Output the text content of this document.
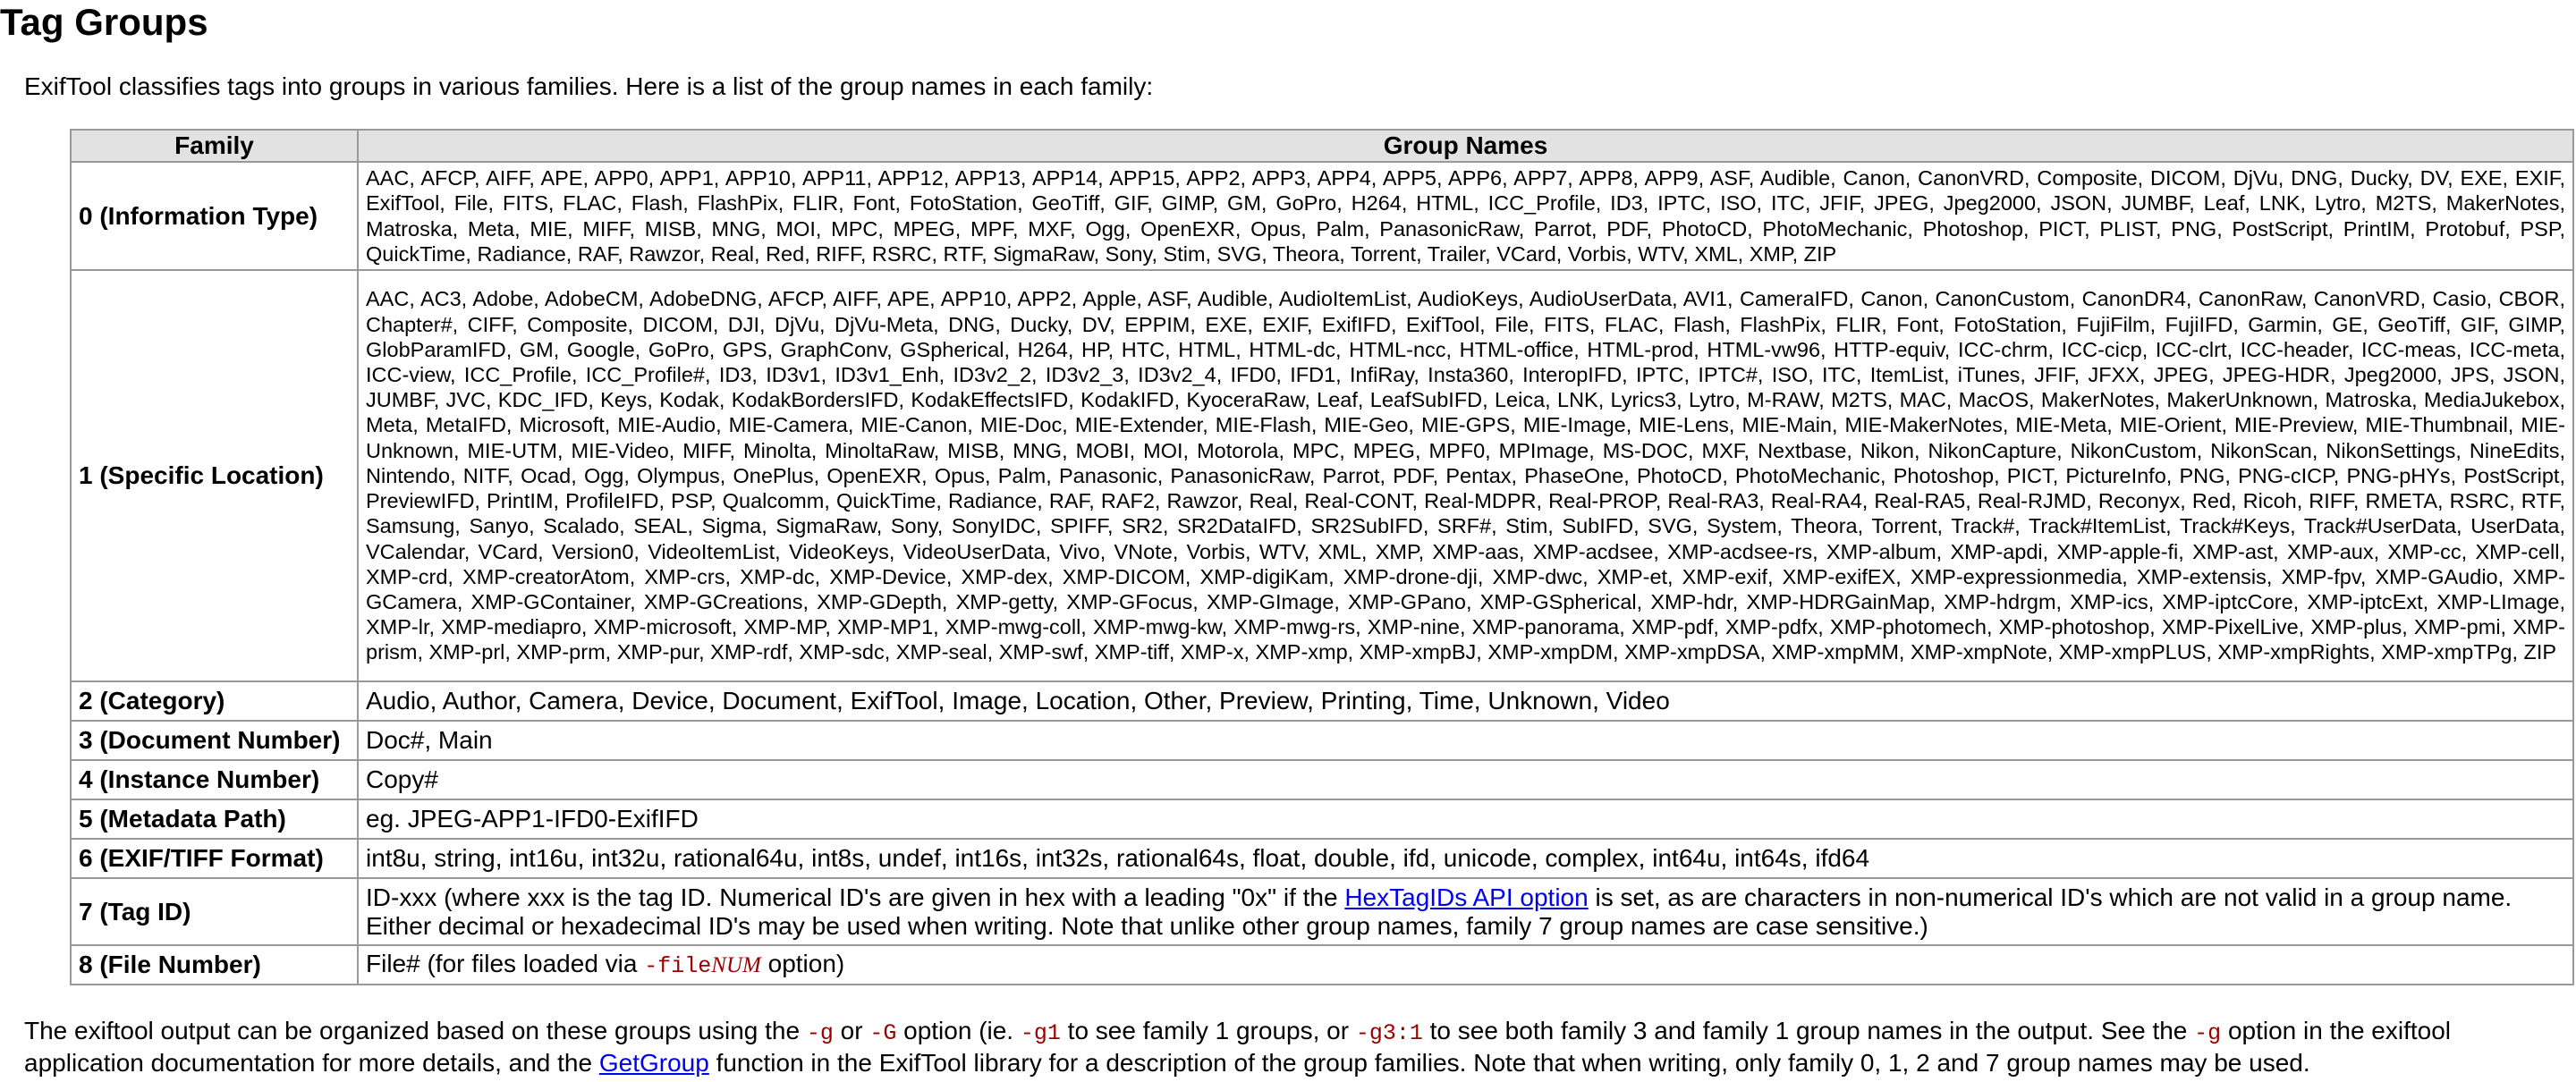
Tag Groups

ExifTool classifies tags into groups in various families. Here is a list of the group names in each family:

Family	Group Names
0 (Information Type)	AAC, AFCP, AIFF, APE, APP0, APP1, APP10, APP11, APP12, APP13, APP14, APP15, APP2, APP3, APP4, APP5, APP6, APP7, APP8, APP9, ASF, Audible, Canon, CanonVRD, Composite, DICOM, DjVu, DNG, Ducky, DV, EXE, EXIF, ExifTool, File, FITS, FLAC, Flash, FlashPix, FLIR, Font, FotoStation, GeoTiff, GIF, GIMP, GM, GoPro, H264, HTML, ICC_Profile, ID3, IPTC, ISO, ITC, JFIF, JPEG, Jpeg2000, JSON, JUMBF, Leaf, LNK, Lytro, M2TS, MakerNotes, Matroska, Meta, MIE, MIFF, MISB, MNG, MOI, MPC, MPEG, MPF, MXF, Ogg, OpenEXR, Opus, Palm, PanasonicRaw, Parrot, PDF, PhotoCD, PhotoMechanic, Photoshop, PICT, PLIST, PNG, PostScript, PrintIM, Protobuf, PSP, QuickTime, Radiance, RAF, Rawzor, Real, Red, RIFF, RSRC, RTF, SigmaRaw, Sony, Stim, SVG, Theora, Torrent, Trailer, VCard, Vorbis, WTV, XML, XMP, ZIP
1 (Specific Location)	AAC, AC3, Adobe, AdobeCM, AdobeDNG, AFCP, AIFF, APE, APP10, APP2, Apple, ASF, Audible, AudioItemList, AudioKeys, AudioUserData, AVI1, CameraIFD, Canon, CanonCustom, CanonDR4, CanonRaw, CanonVRD, Casio, CBOR, Chapter#, CIFF, Composite, DICOM, DJI, DjVu, DjVu-Meta, DNG, Ducky, DV, EPPIM, EXE, EXIF, ExifIFD, ExifTool, File, FITS, FLAC, Flash, FlashPix, FLIR, Font, FotoStation, FujiFilm, FujiIFD, Garmin, GE, GeoTiff, GIF, GIMP, GlobParamIFD, GM, Google, GoPro, GPS, GraphConv, GSpherical, H264, HP, HTC, HTML, HTML-dc, HTML-ncc, HTML-office, HTML-prod, HTML-vw96, HTTP-equiv, ICC-chrm, ICC-cicp, ICC-clrt, ICC-header, ICC-meas, ICC-meta, ICC-view, ICC_Profile, ICC_Profile#, ID3, ID3v1, ID3v1_Enh, ID3v2_2, ID3v2_3, ID3v2_4, IFD0, IFD1, InfiRay, Insta360, InteropIFD, IPTC, IPTC#, ISO, ITC, ItemList, iTunes, JFIF, JFXX, JPEG, JPEG-HDR, Jpeg2000, JPS, JSON, JUMBF, JVC, KDC_IFD, Keys, Kodak, KodakBordersIFD, KodakEffectsIFD, KodakIFD, KyoceraRaw, Leaf, LeafSubIFD, Leica, LNK, Lyrics3, Lytro, M-RAW, M2TS, MAC, MacOS, MakerNotes, MakerUnknown, Matroska, MediaJukebox, Meta, MetaIFD, Microsoft, MIE-Audio, MIE-Camera, MIE-Canon, MIE-Doc, MIE-Extender, MIE-Flash, MIE-Geo, MIE-GPS, MIE-Image, MIE-Lens, MIE-Main, MIE-MakerNotes, MIE-Meta, MIE-Orient, MIE-Preview, MIE-Thumbnail, MIE-Unknown, MIE-UTM, MIE-Video, MIFF, Minolta, MinoltaRaw, MISB, MNG, MOBI, MOI, Motorola, MPC, MPEG, MPF0, MPImage, MS-DOC, MXF, Nextbase, Nikon, NikonCapture, NikonCustom, NikonScan, NikonSettings, NineEdits, Nintendo, NITF, Ocad, Ogg, Olympus, OnePlus, OpenEXR, Opus, Palm, Panasonic, PanasonicRaw, Parrot, PDF, Pentax, PhaseOne, PhotoCD, PhotoMechanic, Photoshop, PICT, PictureInfo, PNG, PNG-cICP, PNG-pHYs, PostScript, PreviewIFD, PrintIM, ProfileIFD, PSP, Qualcomm, QuickTime, Radiance, RAF, RAF2, Rawzor, Real, Real-CONT, Real-MDPR, Real-PROP, Real-RA3, Real-RA4, Real-RA5, Real-RJMD, Reconyx, Red, Ricoh, RIFF, RMETA, RSRC, RTF, Samsung, Sanyo, Scalado, SEAL, Sigma, SigmaRaw, Sony, SonyIDC, SPIFF, SR2, SR2DataIFD, SR2SubIFD, SRF#, Stim, SubIFD, SVG, System, Theora, Torrent, Track#, Track#ItemList, Track#Keys, Track#UserData, UserData, VCalendar, VCard, Version0, VideoItemList, VideoKeys, VideoUserData, Vivo, VNote, Vorbis, WTV, XML, XMP, XMP-aas, XMP-acdsee, XMP-acdsee-rs, XMP-album, XMP-apdi, XMP-apple-fi, XMP-ast, XMP-aux, XMP-cc, XMP-cell, XMP-crd, XMP-creatorAtom, XMP-crs, XMP-dc, XMP-Device, XMP-dex, XMP-DICOM, XMP-digiKam, XMP-drone-dji, XMP-dwc, XMP-et, XMP-exif, XMP-exifEX, XMP-expressionmedia, XMP-extensis, XMP-fpv, XMP-GAudio, XMP-GCamera, XMP-GContainer, XMP-GCreations, XMP-GDepth, XMP-getty, XMP-GFocus, XMP-GImage, XMP-GPano, XMP-GSpherical, XMP-hdr, XMP-HDRGainMap, XMP-hdrgm, XMP-ics, XMP-iptcCore, XMP-iptcExt, XMP-LImage, XMP-lr, XMP-mediapro, XMP-microsoft, XMP-MP, XMP-MP1, XMP-mwg-coll, XMP-mwg-kw, XMP-mwg-rs, XMP-nine, XMP-panorama, XMP-pdf, XMP-pdfx, XMP-photomech, XMP-photoshop, XMP-PixelLive, XMP-plus, XMP-pmi, XMP-prism, XMP-prl, XMP-prm, XMP-pur, XMP-rdf, XMP-sdc, XMP-seal, XMP-swf, XMP-tiff, XMP-x, XMP-xmp, XMP-xmpBJ, XMP-xmpDM, XMP-xmpDSA, XMP-xmpMM, XMP-xmpNote, XMP-xmpPLUS, XMP-xmpRights, XMP-xmpTPg, ZIP
2 (Category)	Audio, Author, Camera, Device, Document, ExifTool, Image, Location, Other, Preview, Printing, Time, Unknown, Video
3 (Document Number)	Doc#, Main
4 (Instance Number)	Copy#
5 (Metadata Path)	eg. JPEG-APP1-IFD0-ExifIFD
6 (EXIF/TIFF Format)	int8u, string, int16u, int32u, rational64u, int8s, undef, int16s, int32s, rational64s, float, double, ifd, unicode, complex, int64u, int64s, ifd64
7 (Tag ID)	ID-xxx (where xxx is the tag ID. Numerical ID's are given in hex with a leading "0x" if the HexTagIDs API option is set, as are characters in non-numerical ID's which are not valid in a group name. Either decimal or hexadecimal ID's may be used when writing. Note that unlike other group names, family 7 group names are case sensitive.)
8 (File Number)	File# (for files loaded via -fileNUM option)

The exiftool output can be organized based on these groups using the -g or -G option (ie. -g1 to see family 1 groups, or -g3:1 to see both family 3 and family 1 group names in the output. See the -g option in the exiftool application documentation for more details, and the GetGroup function in the ExifTool library for a description of the group families. Note that when writing, only family 0, 1, 2 and 7 group names may be used.
